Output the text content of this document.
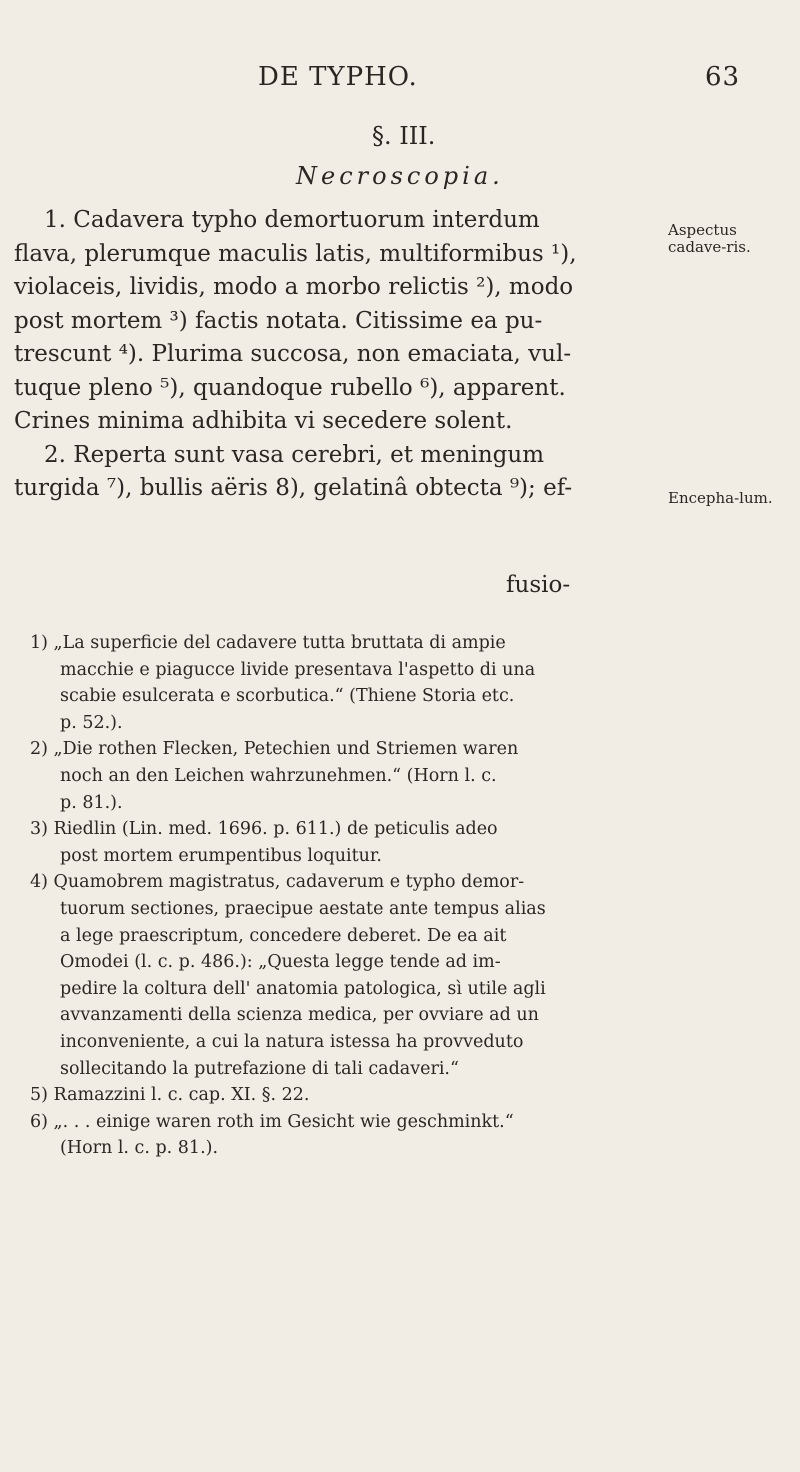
DE TYPHO.	63
§. III.
Necroscopia.
1. Cadavera typho demortuorum interdum
flava, plerumque maculis latis, multiformibus ¹),
violaceis, lividis, modo a morbo relictis ²), modo
post mortem ³) factis notata. Citissime ea pu-
trescunt ⁴). Plurima succosa, non emaciata, vul-
tuque pleno ⁵), quandoque rubello ⁶), apparent.
Crines minima adhibita vi secedere solent.
2. Reperta sunt vasa cerebri, et meningum
turgida ⁷), bullis aëris 8), gelatinâ obtecta ⁹); ef-
fusio-
Aspectus cadave-ris.
Encepha-lum.
1) „La superficie del cadavere tutta bruttata di ampie
macchie e piagucce livide presentava l'aspetto di una
scabie esulcerata e scorbutica.“ (Thiene Storia etc.
p. 52.).
2) „Die rothen Flecken, Petechien und Striemen waren
noch an den Leichen wahrzunehmen.“ (Horn l. c.
p. 81.).
3) Riedlin (Lin. med. 1696. p. 611.) de peticulis adeo
post mortem erumpentibus loquitur.
4) Quamobrem magistratus, cadaverum e typho demor-
tuorum sectiones, praecipue aestate ante tempus alias
a lege praescriptum, concedere deberet. De ea ait
Omodei (l. c. p. 486.): „Questa legge tende ad im-
pedire la coltura dell' anatomia patologica, sì utile agli
avvanzamenti della scienza medica, per ovviare ad un
inconveniente, a cui la natura istessa ha provveduto
sollecitando la putrefazione di tali cadaveri.“
5) Ramazzini l. c. cap. XI. §. 22.
6) „. . . einige waren roth im Gesicht wie geschminkt.“
(Horn l. c. p. 81.).
